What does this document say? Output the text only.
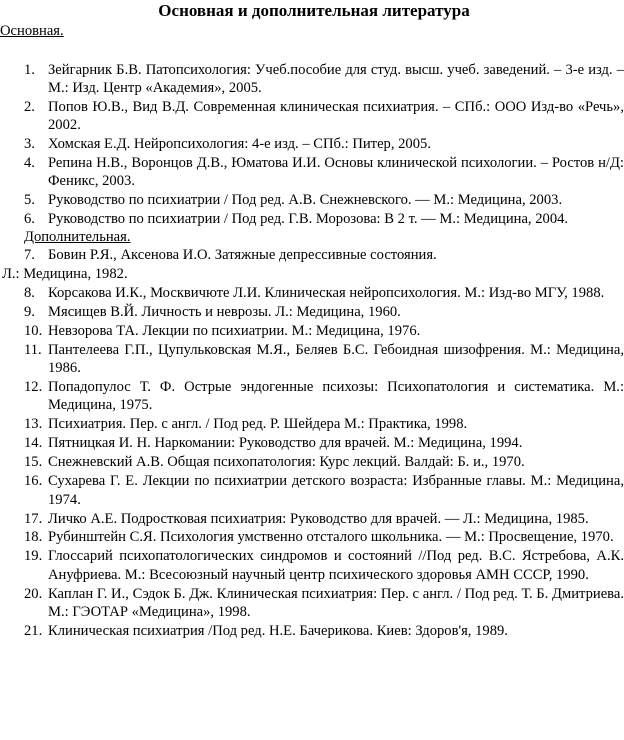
Основная и дополнительная литература
Основная.
1. Зейгарник Б.В. Патопсихология: Учеб.пособие для студ. высш. учеб. заведений. – 3-е изд. – М.: Изд. Центр «Академия», 2005.
2. Попов Ю.В., Вид В.Д. Современная клиническая психиатрия. – СПб.: ООО Изд-во «Речь», 2002.
3. Хомская Е.Д. Нейропсихология: 4-е изд. – СПб.: Питер, 2005.
4. Репина Н.В., Воронцов Д.В., Юматова И.И. Основы клинической психологии. – Ростов н/Д: Феникс, 2003.
5. Руководство по психиатрии / Под ред. А.В. Снежневского. — М.: Медицина, 2003.
6. Руководство по психиатрии / Под ред. Г.В. Морозова: В 2 т. — М.: Медицина, 2004.
Дополнительная.
7. Бовин Р.Я., Аксенова И.О. Затяжные депрессивные состояния.
Л.: Медицина, 1982.
8. Корсакова И.К., Москвичюте Л.И. Клиническая нейропсихология. М.: Изд-во МГУ, 1988.
9. Мясищев В.Й. Личность и неврозы. Л.: Медицина, 1960.
10. Невзорова ТА. Лекции по психиатрии. М.: Медицина, 1976.
11. Пантелеева Г.П., Цупульковская М.Я., Беляев Б.С. Гебоидная шизофрения. М.: Медицина, 1986.
12. Попадопулос Т. Ф. Острые эндогенные психозы: Психопатология и систематика. М.: Медицина, 1975.
13. Психиатрия. Пер. с англ. / Под ред. Р. Шейдера М.: Практика, 1998.
14. Пятницкая И. Н. Наркомании: Руководство для врачей. М.: Медицина, 1994.
15. Снежневский А.В. Общая психопатология: Курс лекций. Валдай: Б. и., 1970.
16. Сухарева Г. Е. Лекции по психиатрии детского возраста: Избранные главы. М.: Медицина, 1974.
17. Личко А.Е. Подростковая психиатрия: Руководство для врачей. — Л.: Медицина, 1985.
18. Рубинштейн С.Я. Психология умственно отсталого школьника. — М.: Просвещение, 1970.
19. Глоссарий психопатологических синдромов и состояний //Под ред. В.С. Ястребова, А.К. Ануфриева. М.: Всесоюзный научный центр психического здоровья АМН СССР, 1990.
20. Каплан Г. И., Сэдок Б. Дж. Клиническая психиатрия: Пер. с англ. / Под ред. Т. Б. Дмитриева. М.: ГЭОТАР «Медицина», 1998.
21. Клиническая психиатрия /Под ред. Н.Е. Бачерикова. Киев: Здоров'я, 1989.
